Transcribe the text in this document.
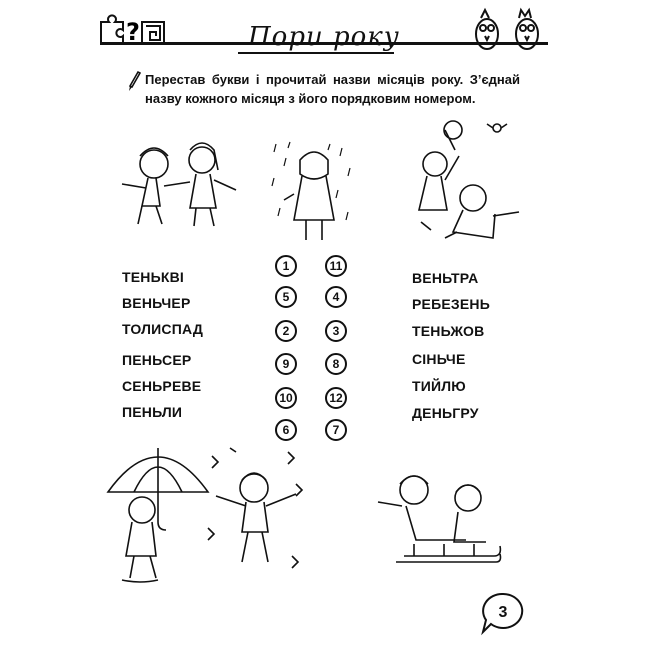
?	Пори року
Перестав букви і прочитай назви місяців року. З’єднай назву кожного місяця з його порядковим номером.
ТЕНЬКВІ
ВЕНЬЧЕР
ТОЛИСПАД
ПЕНЬСЕР
СЕНЬРЕВЕ
ПЕНЬЛИ
1
5
2
9
10
6
11
4
3
8
12
7
ВЕНЬТРА
РЕБЕЗЕНЬ
ТЕНЬЖОВ
СІНЬЧЕ
ТИЙЛЮ
ДЕНЬГРУ
3
